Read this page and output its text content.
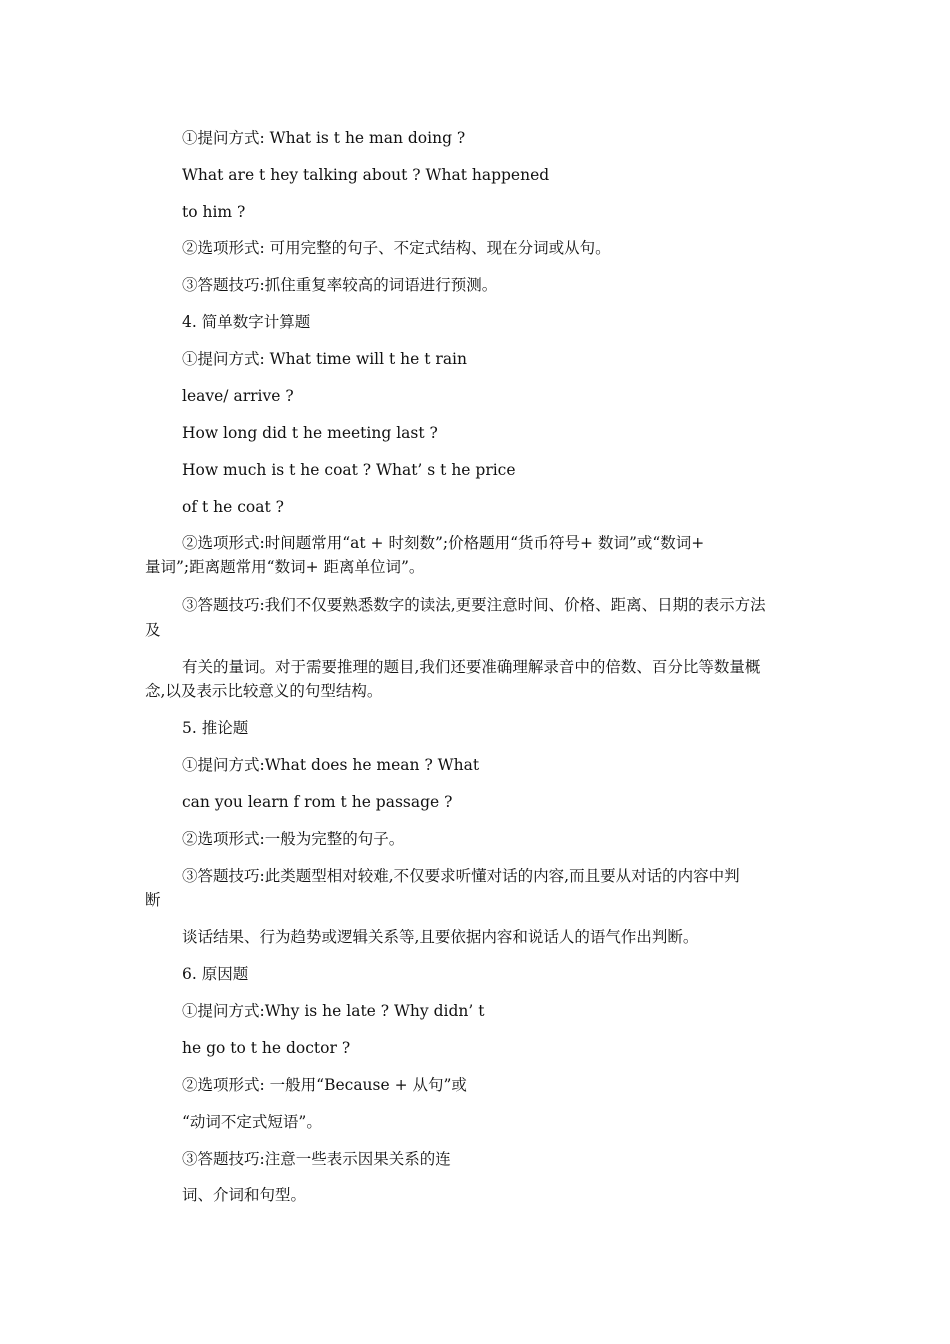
①提问方式: What is t he man doing ?
What are t hey talking about ? What happened
to him ?
②选项形式: 可用完整的句子、不定式结构、现在分词或从句。
③答题技巧:抓住重复率较高的词语进行预测。
4. 简单数字计算题
①提问方式: What time will t he t rain
leave/ arrive ?
How long did t he meeting last ?
How much is t he coat ? What’ s t he price
of t he coat ?
②选项形式:时间题常用“at + 时刻数”;价格题用“货币符号+ 数词”或“数词+
量词”;距离题常用“数词+ 距离单位词”。
③答题技巧:我们不仅要熟悉数字的读法,更要注意时间、价格、距离、日期的表示方法
及
有关的量词。对于需要推理的题目,我们还要准确理解录音中的倍数、百分比等数量概
念,以及表示比较意义的句型结构。
5. 推论题
①提问方式:What does he mean ? What
can you learn f rom t he passage ?
②选项形式:一般为完整的句子。
③答题技巧:此类题型相对较难,不仅要求听懂对话的内容,而且要从对话的内容中判
断
谈话结果、行为趋势或逻辑关系等,且要依据内容和说话人的语气作出判断。
6. 原因题
①提问方式:Why is he late ? Why didn’ t
he go to t he doctor ?
②选项形式: 一般用“Because + 从句”或
“动词不定式短语”。
③答题技巧:注意一些表示因果关系的连
词、介词和句型。
